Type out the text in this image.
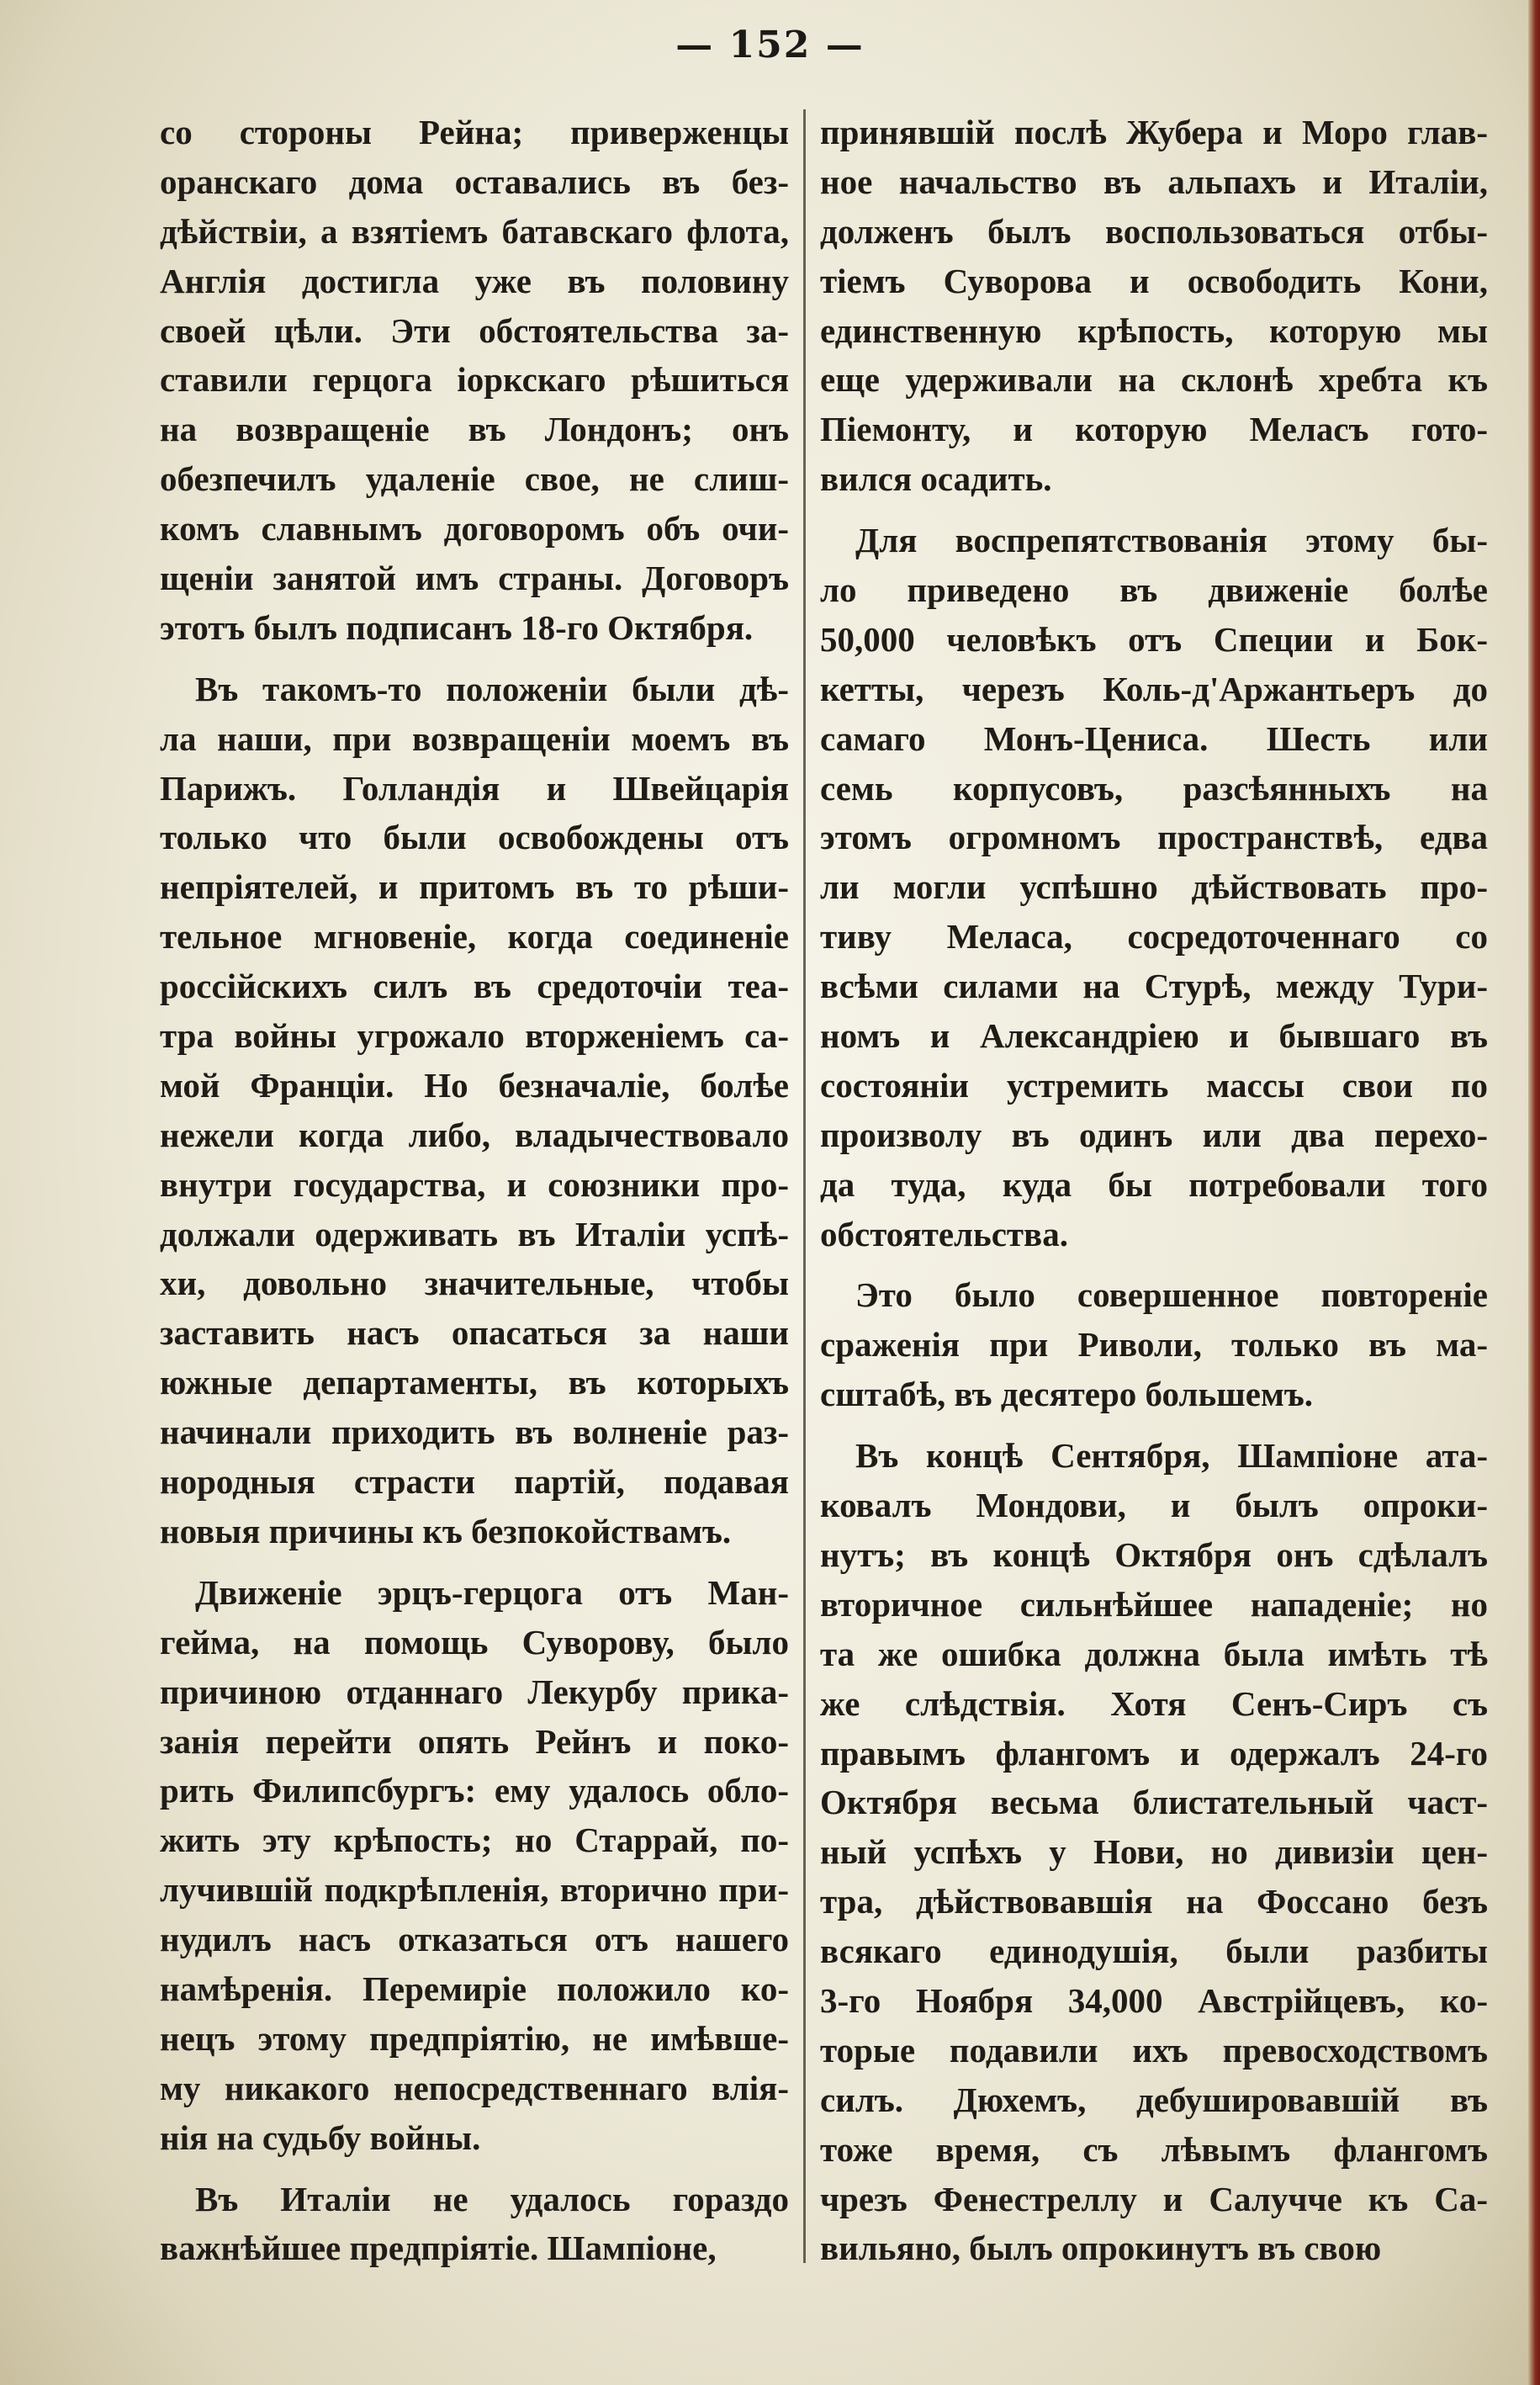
— 152 —
со стороны Рейна; приверженцы
оранскаго дома оставались въ без-
дѣйствіи, а взятіемъ батавскаго флота,
Англія достигла уже въ половину
своей цѣли. Эти обстоятельства за-
ставили герцога іоркскаго рѣшиться
на возвращеніе въ Лондонъ; онъ
обезпечилъ удаленіе свое, не слиш-
комъ славнымъ договоромъ объ очи-
щеніи занятой имъ страны. Договоръ
этотъ былъ подписанъ 18-го Октября.
Въ такомъ-то положеніи были дѣ-
ла наши, при возвращеніи моемъ въ
Парижъ. Голландія и Швейцарія
только что были освобождены отъ
непріятелей, и притомъ въ то рѣши-
тельное мгновеніе, когда соединеніе
россійскихъ силъ въ средоточіи теа-
тра войны угрожало вторженіемъ са-
мой Франціи. Но безначаліе, болѣе
нежели когда либо, владычествовало
внутри государства, и союзники про-
должали одерживать въ Италіи успѣ-
хи, довольно значительные, чтобы
заставить насъ опасаться за наши
южные департаменты, въ которыхъ
начинали приходить въ волненіе раз-
нородныя страсти партій, подавая
новыя причины къ безпокойствамъ.
Движеніе эрцъ-герцога отъ Ман-
гейма, на помощь Суворову, было
причиною отданнаго Лекурбу прика-
занія перейти опять Рейнъ и поко-
рить Филипсбургъ: ему удалось обло-
жить эту крѣпость; но Старрай, по-
лучившій подкрѣпленія, вторично при-
нудилъ насъ отказаться отъ нашего
намѣренія. Перемиріе положило ко-
нецъ этому предпріятію, не имѣвше-
му никакого непосредственнаго влія-
нія на судьбу войны.
Въ Италіи не удалось гораздо
важнѣйшее предпріятіе. Шампіоне,
принявшій послѣ Жубера и Моро глав-
ное начальство въ альпахъ и Италіи,
долженъ былъ воспользоваться отбы-
тіемъ Суворова и освободить Кони,
единственную крѣпость, которую мы
еще удерживали на склонѣ хребта къ
Піемонту, и которую Меласъ гото-
вился осадить.
Для воспрепятствованія этому бы-
ло приведено въ движеніе болѣе
50,000 человѣкъ отъ Специи и Бок-
кетты, черезъ Коль-д'Аржантьеръ до
самаго Монъ-Цениса. Шесть или
семь корпусовъ, разсѣянныхъ на
этомъ огромномъ пространствѣ, едва
ли могли успѣшно дѣйствовать про-
тиву Меласа, сосредоточеннаго со
всѣми силами на Стурѣ, между Тури-
номъ и Александріею и бывшаго въ
состояніи устремить массы свои по
произволу въ одинъ или два перехо-
да туда, куда бы потребовали того
обстоятельства.
Это было совершенное повтореніе
сраженія при Риволи, только въ ма-
сштабѣ, въ десятеро большемъ.
Въ концѣ Сентября, Шампіоне ата-
ковалъ Мондови, и былъ опроки-
нутъ; въ концѣ Октября онъ сдѣлалъ
вторичное сильнѣйшее нападеніе; но
та же ошибка должна была имѣть тѣ
же слѣдствія. Хотя Сенъ-Сиръ съ
правымъ флангомъ и одержалъ 24-го
Октября весьма блистательный част-
ный успѣхъ у Нови, но дивизіи цен-
тра, дѣйствовавшія на Фоссано безъ
всякаго единодушія, были разбиты
3-го Ноября 34,000 Австрійцевъ, ко-
торые подавили ихъ превосходствомъ
силъ. Дюхемъ, дебушировавшій въ
тоже время, съ лѣвымъ флангомъ
чрезъ Фенестреллу и Салучче къ Са-
вильяно, былъ опрокинутъ въ свою
